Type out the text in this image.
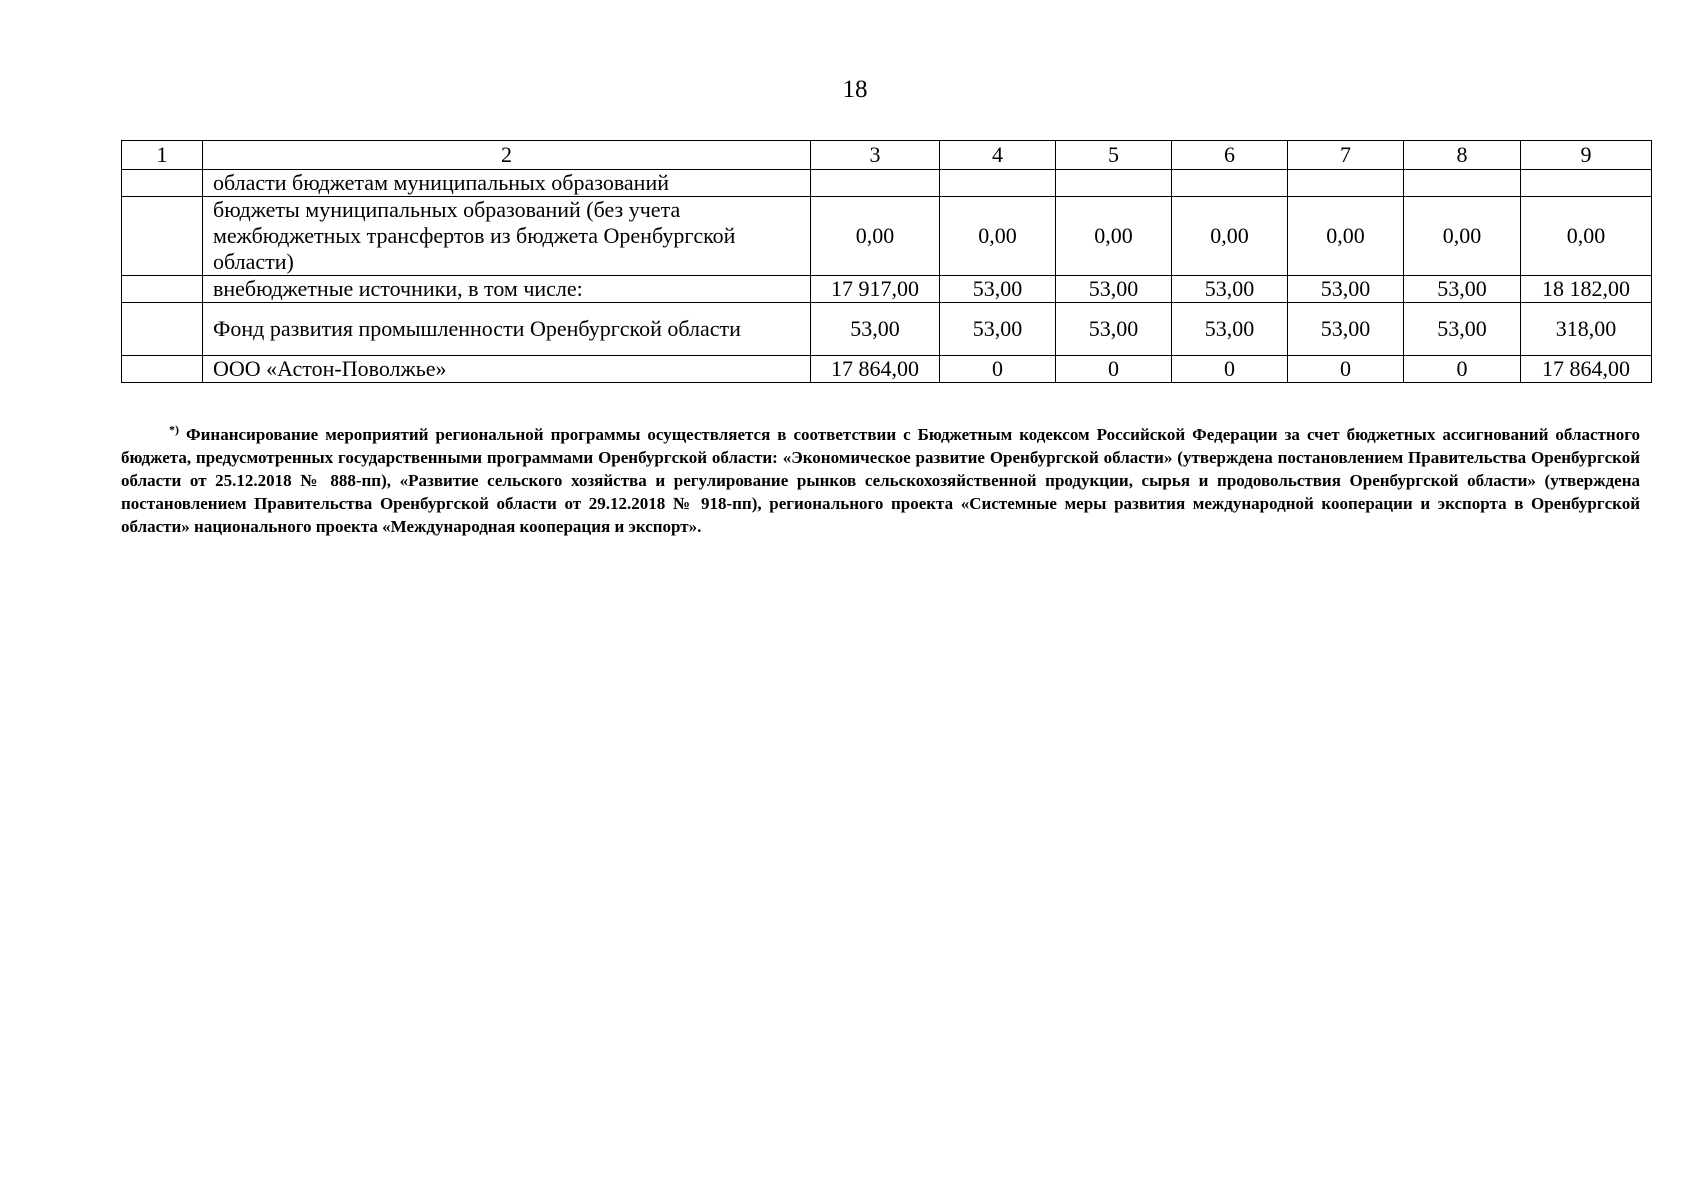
18
1	2	3	4	5	6	7	8	9
	области бюджетам муниципальных образований							
	бюджеты муниципальных образований (без учета межбюджетных трансфертов из бюджета Оренбургской области)	0,00	0,00	0,00	0,00	0,00	0,00	0,00
	внебюджетные источники, в том числе:	17 917,00	53,00	53,00	53,00	53,00	53,00	18 182,00
	Фонд развития промышленности Оренбургской области	53,00	53,00	53,00	53,00	53,00	53,00	318,00
	ООО «Астон-Поволжье»	17 864,00	0	0	0	0	0	17 864,00

*) Финансирование мероприятий региональной программы осуществляется в соответствии с Бюджетным кодексом Российской Федерации за счет бюджетных ассигнований областного бюджета, предусмотренных государственными программами Оренбургской области: «Экономическое развитие Оренбургской области» (утверждена постановлением Правительства Оренбургской области от 25.12.2018 № 888-пп), «Развитие сельского хозяйства и регулирование рынков сельскохозяйственной продукции, сырья и продовольствия Оренбургской области» (утверждена постановлением Правительства Оренбургской области от 29.12.2018 № 918-пп), регионального проекта «Системные меры развития международной кооперации и экспорта в Оренбургской области» национального проекта «Международная кооперация и экспорт».
